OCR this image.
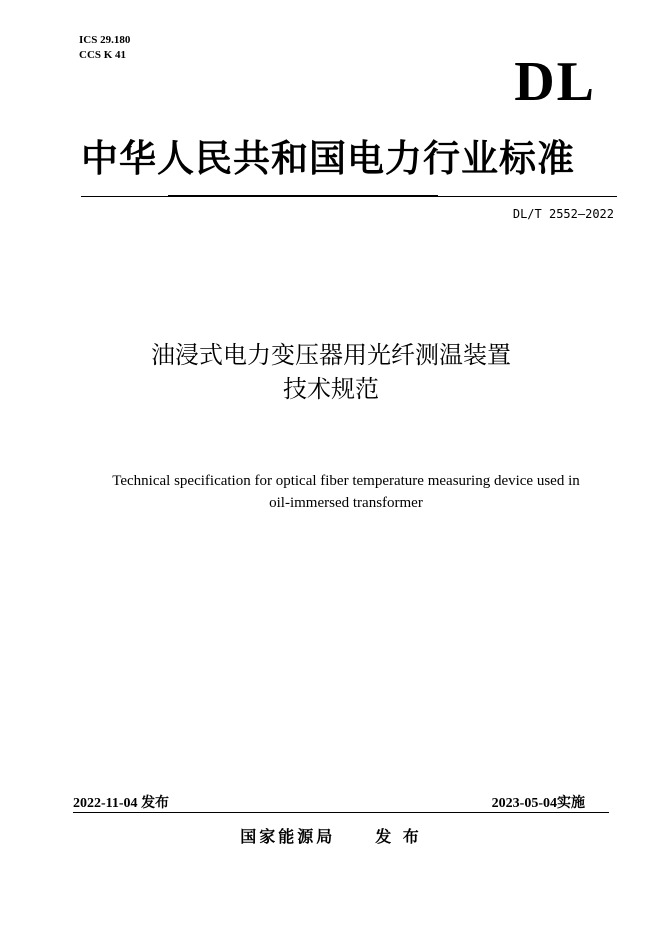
ICS 29.180
CCS K 41	DL
中华人民共和国电力行业标准
DL/T 2552—2022
油浸式电力变压器用光纤测温装置
技术规范
Technical specification for optical fiber temperature measuring device used in
oil-immersed transformer
2022-11-04 发布	2023-05-04实施
国家能源局	发 布
